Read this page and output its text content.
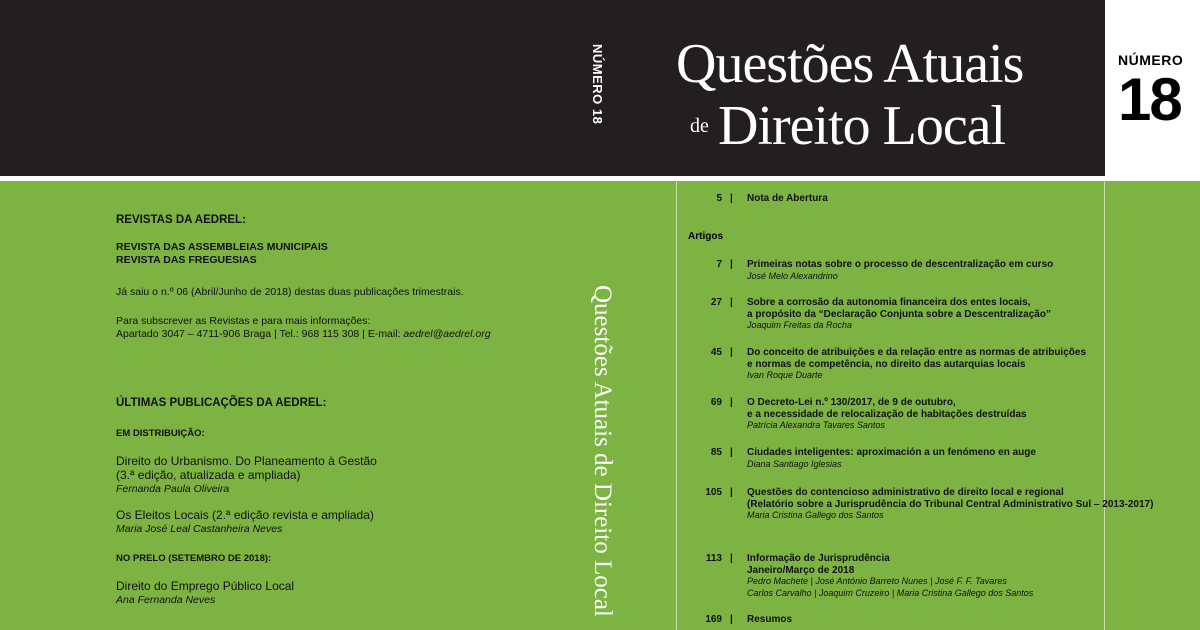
Questões Atuais
de Direito Local
NÚMERO
18
NÚMERO 18
Questões Atuais de Direito Local
REVISTAS DA AEDREL:
REVISTA DAS ASSEMBLEIAS MUNICIPAIS
REVISTA DAS FREGUESIAS
Já saiu o n.º 06 (Abril/Junho de 2018) destas duas publicações trimestrais.
Para subscrever as Revistas e para mais informações:
Apartado 3047 – 4711-906 Braga | Tel.: 968 115 308 | E-mail: aedrel@aedrel.org
ÚLTIMAS PUBLICAÇÕES DA AEDREL:
EM DISTRIBUIÇÃO:
Direito do Urbanismo. Do Planeamento à Gestão
(3.ª edição, atualizada e ampliada)
Fernanda Paula Oliveira
Os Eleitos Locais (2.ª edição revista e ampliada)
Maria José Leal Castanheira Neves
NO PRELO (SETEMBRO DE 2018):
Direito do Emprego Público Local
Ana Fernanda Neves
Artigos
5 | Nota de Abertura
7 | Primeiras notas sobre o processo de descentralização em curso
José Melo Alexandrino
27 | Sobre a corrosão da autonomia financeira dos entes locais,
a propósito da “Declaração Conjunta sobre a Descentralização”
Joaquim Freitas da Rocha
45 | Do conceito de atribuições e da relação entre as normas de atribuições
e normas de competência, no direito das autarquias locais
Ivan Roque Duarte
69 | O Decreto-Lei n.º 130/2017, de 9 de outubro,
e a necessidade de relocalização de habitações destruídas
Patrícia Alexandra Tavares Santos
85 | Ciudades inteligentes: aproximación a un fenómeno en auge
Diana Santiago Iglesias
105 | Questões do contencioso administrativo de direito local e regional
(Relatório sobre a Jurisprudência do Tribunal Central Administrativo Sul – 2013-2017)
Maria Cristina Gallego dos Santos
113 | Informação de Jurisprudência
Janeiro/Março de 2018
Pedro Machete | José António Barreto Nunes | José F. F. Tavares
Carlos Carvalho | Joaquim Cruzeiro | Maria Cristina Gallego dos Santos
169 | Resumos
